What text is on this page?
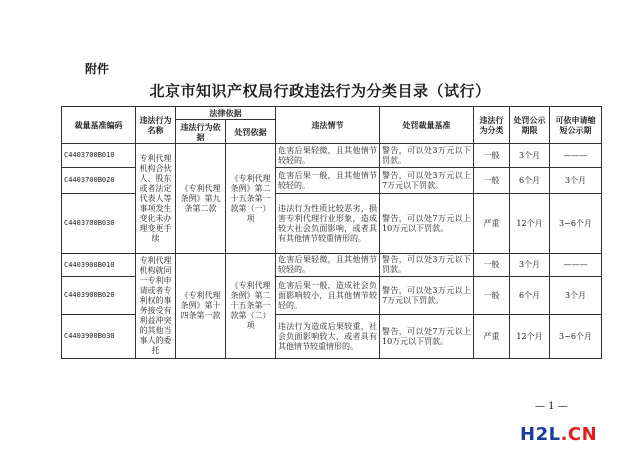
附件
北京市知识产权局行政违法行为分类目录（试行）
裁量基准编码	违法行为名称	法律依据		违法情节	处罚裁量基准	违法行为分类	处罚公示期限	可依申请缩短公示期
		违法行为依据	处罚依据					
C4403700B010	专利代理机构合伙人、股东或者法定代表人等事项发生变化未办理变更手续	《专利代理条例》第九条第二款	《专利代理条例》第二十五条第一款第（一）项	危害后果轻微，且其他情节较轻的。	警告，可以处3万元以下罚款。	一般	3个月	———
C4403700B020				危害后果一般，且其他情节较轻的。	警告，可以处3万元以上7万元以下罚款。	一般	6个月	3个月
C4403700B030				违法行为性质比较恶劣，损害专利代理行业形象，造成较大社会负面影响，或者具有其他情节较重情形的。	警告，可以处7万元以上10万元以下罚款。	严重	12个月	3~6个月
C4403900B010	专利代理机构就同一专利申请或者专利权的事务接受有利益冲突的其他当事人的委托	《专利代理条例》第十四条第一款	《专利代理条例》第二十五条第一款第（二）项	危害后果轻微，且其他情节较轻的。	警告，可以处3万元以下罚款。	一般	3个月	———
C4403900B020				危害后果一般，造成社会负面影响较小，且其他情节较轻的。	警告，可以处3万元以上7万元以下罚款。	一般	6个月	3个月
C4403900B030				违法行为造成后果较重，社会负面影响较大，或者具有其他情节较重情形的。	警告，可以处7万元以上10万元以下罚款。	严重	12个月	3~6个月
— 1 —
H2L.CN
